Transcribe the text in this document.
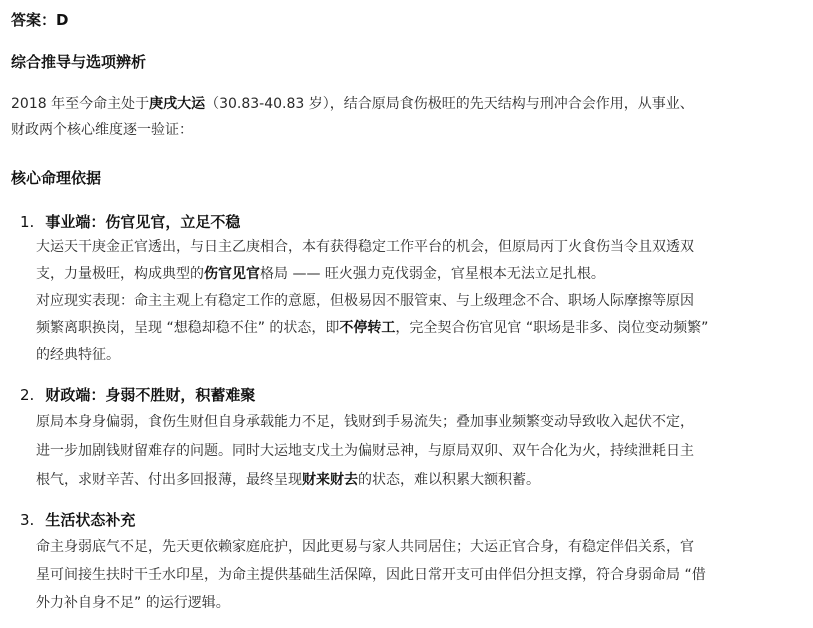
答案：D
综合推导与选项辨析
2018 年至今命主处于庚戌大运（30.83-40.83 岁），结合原局食伤极旺的先天结构与刑冲合会作用，从事业、
财政两个核心维度逐一验证：
核心命理依据
1. 事业端：伤官见官，立足不稳
大运天干庚金正官透出，与日主乙庚相合，本有获得稳定工作平台的机会，但原局丙丁火食伤当令且双透双
支，力量极旺，构成典型的伤官见官格局 —— 旺火强力克伐弱金，官星根本无法立足扎根。
对应现实表现：命主主观上有稳定工作的意愿，但极易因不服管束、与上级理念不合、职场人际摩擦等原因
频繁离职换岗，呈现 “想稳却稳不住” 的状态，即不停转工，完全契合伤官见官 “职场是非多、岗位变动频繁”
的经典特征。
2. 财政端：身弱不胜财，积蓄难聚
原局本身身偏弱，食伤生财但自身承载能力不足，钱财到手易流失；叠加事业频繁变动导致收入起伏不定，
进一步加剧钱财留难存的问题。同时大运地支戊土为偏财忌神，与原局双卯、双午合化为火，持续泄耗日主
根气，求财辛苦、付出多回报薄，最终呈现财来财去的状态，难以积累大额积蓄。
3. 生活状态补充
命主身弱底气不足，先天更依赖家庭庇护，因此更易与家人共同居住；大运正官合身，有稳定伴侣关系，官
星可间接生扶时干壬水印星，为命主提供基础生活保障，因此日常开支可由伴侣分担支撑，符合身弱命局 “借
外力补自身不足” 的运行逻辑。
